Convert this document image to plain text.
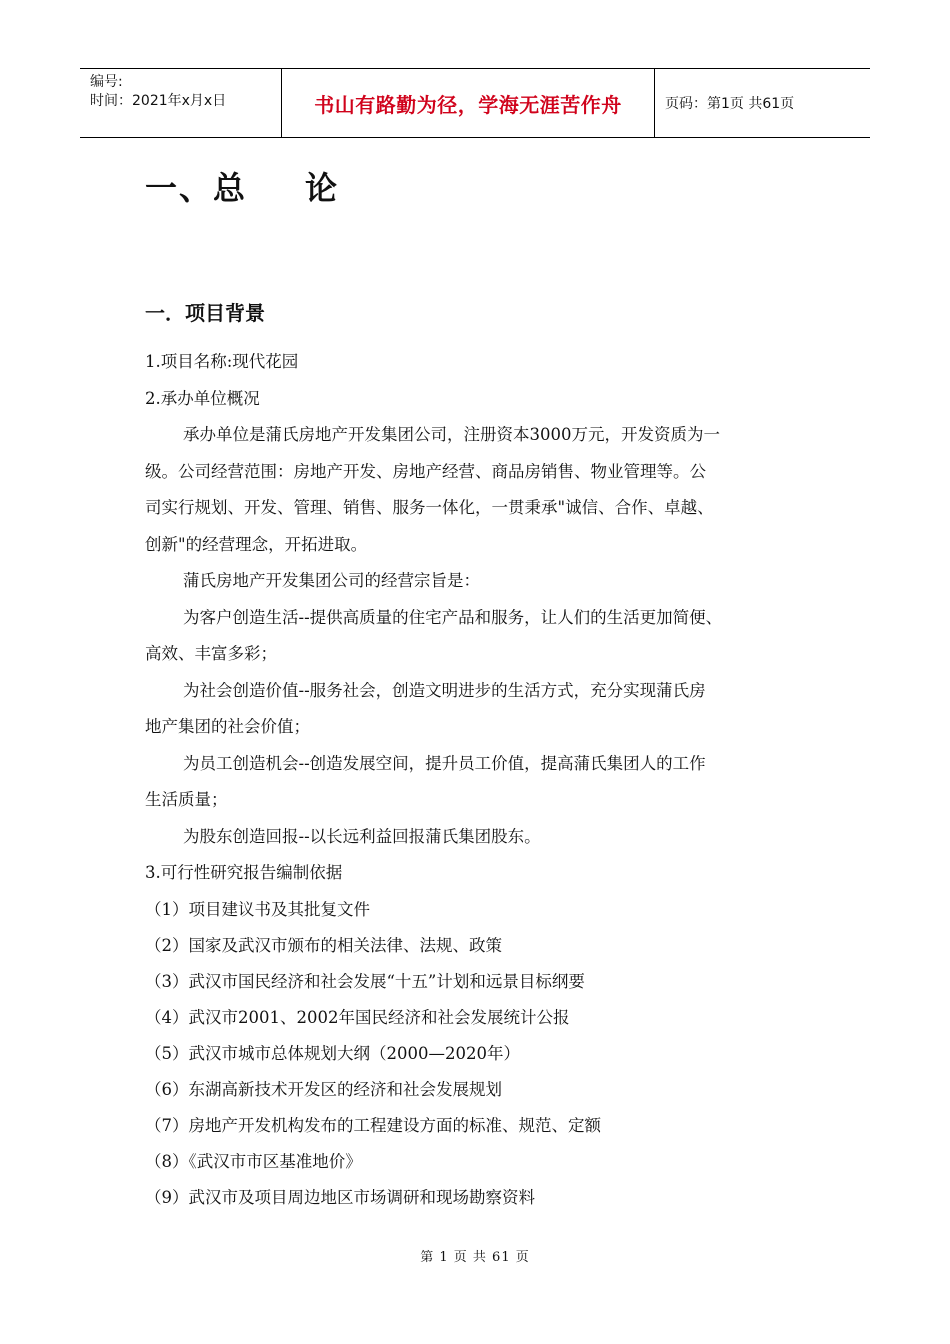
编号:
时间：2021年x月x日	书山有路勤为径，学海无涯苦作舟	页码：第1页 共61页
一、总 论
一．项目背景

1.项目名称:现代花园

2.承办单位概况

承办单位是蒲氏房地产开发集团公司，注册资本3000万元，开发资质为一

级。公司经营范围：房地产开发、房地产经营、商品房销售、物业管理等。公

司实行规划、开发、管理、销售、服务一体化，一贯秉承"诚信、合作、卓越、

创新"的经营理念，开拓进取。

蒲氏房地产开发集团公司的经营宗旨是：

为客户创造生活--提供高质量的住宅产品和服务，让人们的生活更加简便、

高效、丰富多彩；

为社会创造价值--服务社会，创造文明进步的生活方式，充分实现蒲氏房

地产集团的社会价值；

为员工创造机会--创造发展空间，提升员工价值，提高蒲氏集团人的工作

生活质量；

为股东创造回报--以长远利益回报蒲氏集团股东。

3.可行性研究报告编制依据

（1）项目建议书及其批复文件

（2）国家及武汉市颁布的相关法律、法规、政策

（3）武汉市国民经济和社会发展“十五”计划和远景目标纲要

（4）武汉市2001、2002年国民经济和社会发展统计公报

（5）武汉市城市总体规划大纲（2000—2020年）

（6）东湖高新技术开发区的经济和社会发展规划

（7）房地产开发机构发布的工程建设方面的标准、规范、定额

（8）《武汉市市区基准地价》

（9）武汉市及项目周边地区市场调研和现场勘察资料

第 1 页 共 61 页
